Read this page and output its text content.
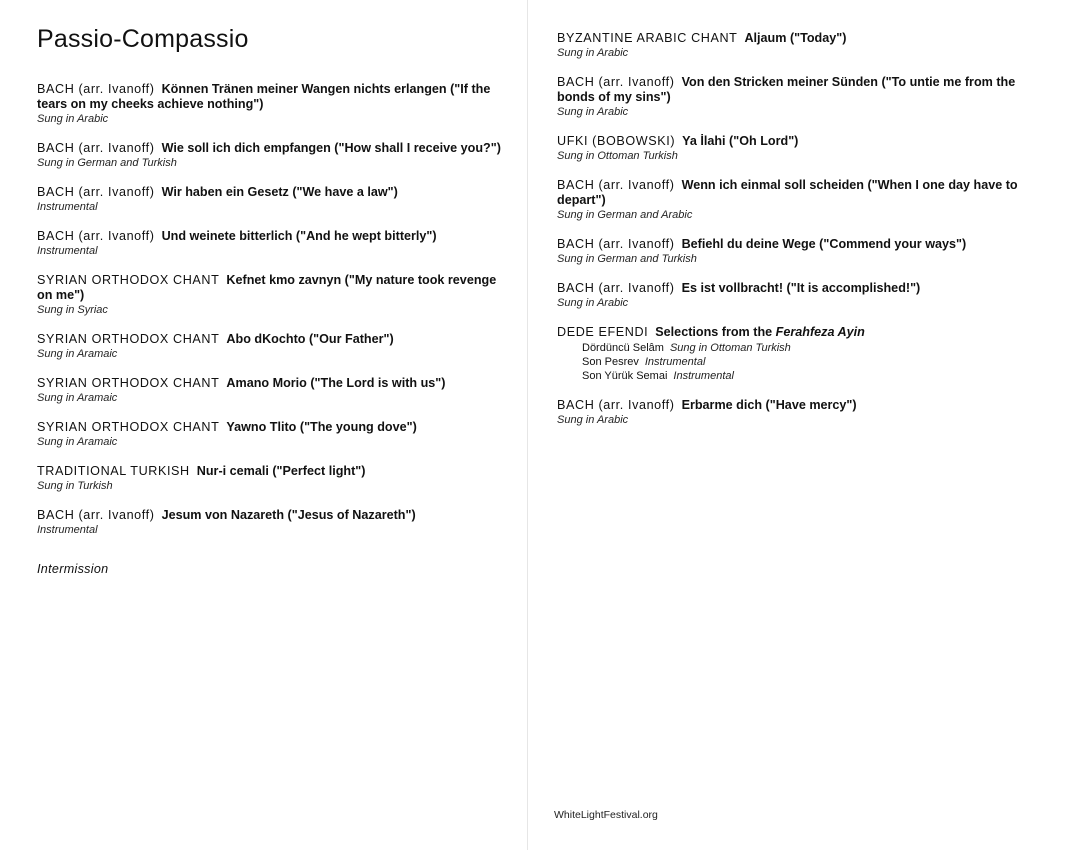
Passio-Compassio
BACH (arr. Ivanoff) Können Tränen meiner Wangen nichts erlangen ("If the tears on my cheeks achieve nothing")
Sung in Arabic
BACH (arr. Ivanoff) Wie soll ich dich empfangen ("How shall I receive you?")
Sung in German and Turkish
BACH (arr. Ivanoff) Wir haben ein Gesetz ("We have a law")
Instrumental
BACH (arr. Ivanoff) Und weinete bitterlich ("And he wept bitterly")
Instrumental
SYRIAN ORTHODOX CHANT Kefnet kmo zavnyn ("My nature took revenge on me")
Sung in Syriac
SYRIAN ORTHODOX CHANT Abo dKochto ("Our Father")
Sung in Aramaic
SYRIAN ORTHODOX CHANT Amano Morio ("The Lord is with us")
Sung in Aramaic
SYRIAN ORTHODOX CHANT Yawno Tlito ("The young dove")
Sung in Aramaic
TRADITIONAL TURKISH Nur-i cemali ("Perfect light")
Sung in Turkish
BACH (arr. Ivanoff) Jesum von Nazareth ("Jesus of Nazareth")
Instrumental
Intermission
BYZANTINE ARABIC CHANT Aljaum ("Today")
Sung in Arabic
BACH (arr. Ivanoff) Von den Stricken meiner Sünden ("To untie me from the bonds of my sins")
Sung in Arabic
UFKI (BOBOWSKI) Ya İlahi ("Oh Lord")
Sung in Ottoman Turkish
BACH (arr. Ivanoff) Wenn ich einmal soll scheiden ("When I one day have to depart")
Sung in German and Arabic
BACH (arr. Ivanoff) Befiehl du deine Wege ("Commend your ways")
Sung in German and Turkish
BACH (arr. Ivanoff) Es ist vollbracht! ("It is accomplished!")
Sung in Arabic
DEDE EFENDI Selections from the Ferahfeza Ayin
Dördüncü Selâm Sung in Ottoman Turkish
Son Pesrev Instrumental
Son Yürük Semai Instrumental
BACH (arr. Ivanoff) Erbarme dich ("Have mercy")
Sung in Arabic
WhiteLightFestival.org
